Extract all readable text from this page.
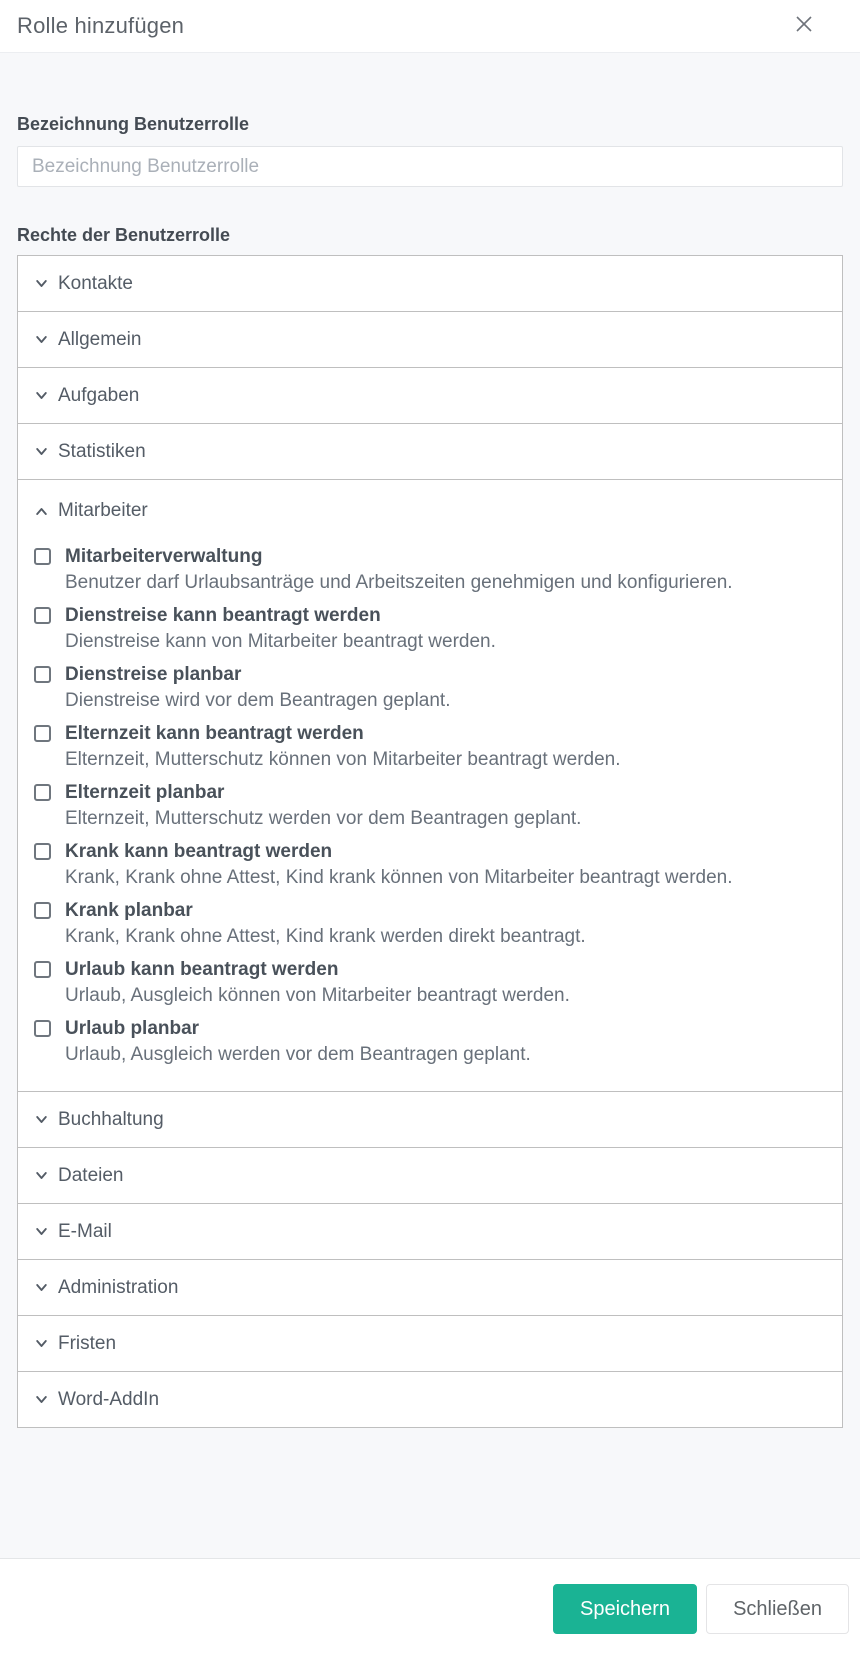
Rolle hinzufügen
Bezeichnung Benutzerrolle
Bezeichnung Benutzerrolle
Rechte der Benutzerrolle
Kontakte
Allgemein
Aufgaben
Statistiken
Mitarbeiter
Mitarbeiterverwaltung
Benutzer darf Urlaubsanträge und Arbeitszeiten genehmigen und konfigurieren.
Dienstreise kann beantragt werden
Dienstreise kann von Mitarbeiter beantragt werden.
Dienstreise planbar
Dienstreise wird vor dem Beantragen geplant.
Elternzeit kann beantragt werden
Elternzeit, Mutterschutz können von Mitarbeiter beantragt werden.
Elternzeit planbar
Elternzeit, Mutterschutz werden vor dem Beantragen geplant.
Krank kann beantragt werden
Krank, Krank ohne Attest, Kind krank können von Mitarbeiter beantragt werden.
Krank planbar
Krank, Krank ohne Attest, Kind krank werden direkt beantragt.
Urlaub kann beantragt werden
Urlaub, Ausgleich können von Mitarbeiter beantragt werden.
Urlaub planbar
Urlaub, Ausgleich werden vor dem Beantragen geplant.
Buchhaltung
Dateien
E-Mail
Administration
Fristen
Word-AddIn
Speichern	Schließen
